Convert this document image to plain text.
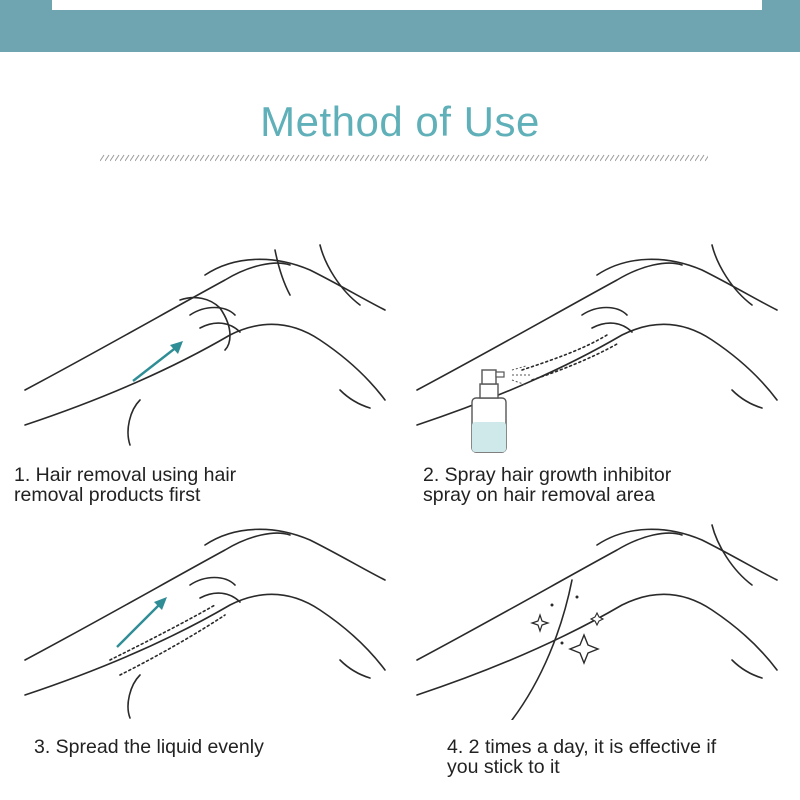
Method of Use
1. Hair removal using hair
removal products first
2. Spray hair growth inhibitor
spray on hair removal area
3. Spread the liquid evenly	4. 2 times a day, it is effective if
you stick to it
